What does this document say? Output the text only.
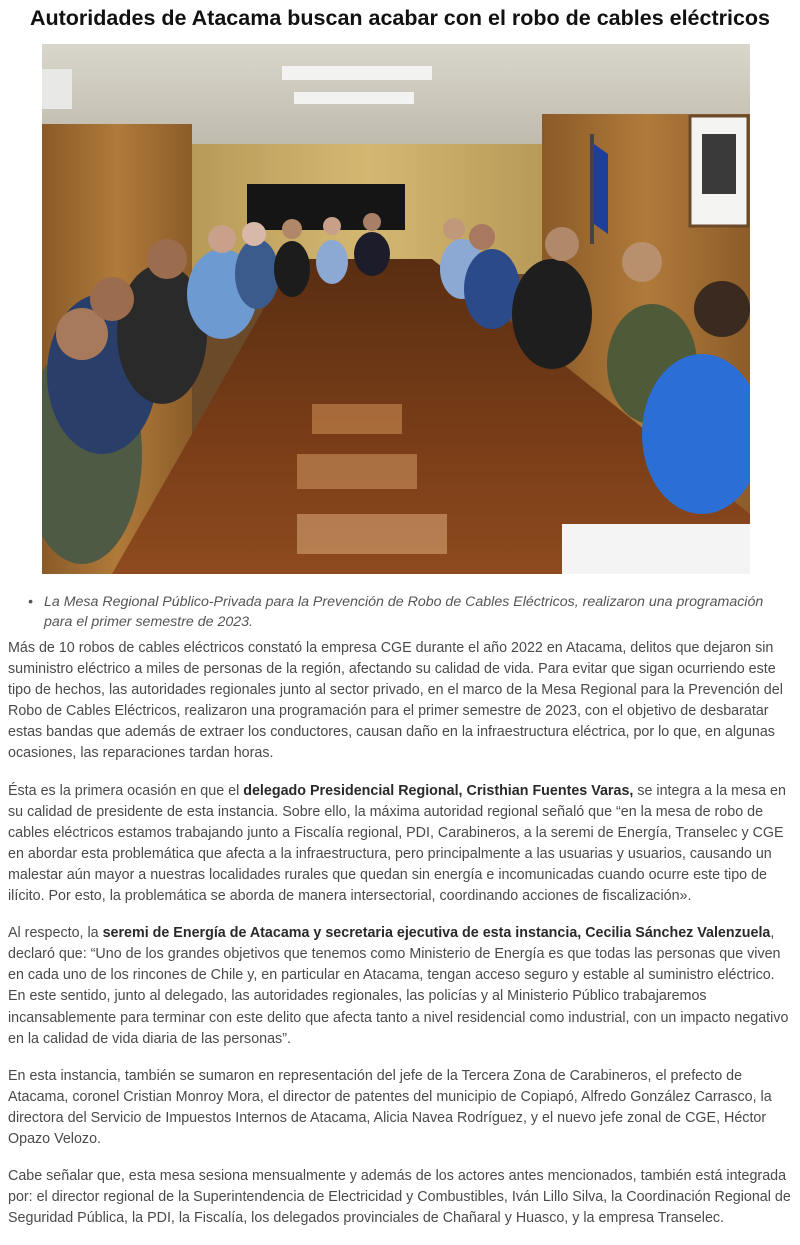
Autoridades de Atacama buscan acabar con el robo de cables eléctricos
• La Mesa Regional Público-Privada para la Prevención de Robo de Cables Eléctricos, realizaron una programación para el primer semestre de 2023.

Más de 10 robos de cables eléctricos constató la empresa CGE durante el año 2022 en Atacama, delitos que dejaron sin suministro eléctrico a miles de personas de la región, afectando su calidad de vida. Para evitar que sigan ocurriendo este tipo de hechos, las autoridades regionales junto al sector privado, en el marco de la Mesa Regional para la Prevención del Robo de Cables Eléctricos, realizaron una programación para el primer semestre de 2023, con el objetivo de desbaratar estas bandas que además de extraer los conductores, causan daño en la infraestructura eléctrica, por lo que, en algunas ocasiones, las reparaciones tardan horas.

Ésta es la primera ocasión en que el delegado Presidencial Regional, Cristhian Fuentes Varas, se integra a la mesa en su calidad de presidente de esta instancia. Sobre ello, la máxima autoridad regional señaló que “en la mesa de robo de cables eléctricos estamos trabajando junto a Fiscalía regional, PDI, Carabineros, a la seremi de Energía, Transelec y CGE en abordar esta problemática que afecta a la infraestructura, pero principalmente a las usuarias y usuarios, causando un malestar aún mayor a nuestras localidades rurales que quedan sin energía e incomunicadas cuando ocurre este tipo de ilícito. Por esto, la problemática se aborda de manera intersectorial, coordinando acciones de fiscalización».

Al respecto, la seremi de Energía de Atacama y secretaria ejecutiva de esta instancia, Cecilia Sánchez Valenzuela, declaró que: “Uno de los grandes objetivos que tenemos como Ministerio de Energía es que todas las personas que viven en cada uno de los rincones de Chile y, en particular en Atacama, tengan acceso seguro y estable al suministro eléctrico. En este sentido, junto al delegado, las autoridades regionales, las policías y al Ministerio Público trabajaremos incansablemente para terminar con este delito que afecta tanto a nivel residencial como industrial, con un impacto negativo en la calidad de vida diaria de las personas”.

En esta instancia, también se sumaron en representación del jefe de la Tercera Zona de Carabineros, el prefecto de Atacama, coronel Cristian Monroy Mora, el director de patentes del municipio de Copiapó, Alfredo González Carrasco, la directora del Servicio de Impuestos Internos de Atacama, Alicia Navea Rodríguez, y el nuevo jefe zonal de CGE, Héctor Opazo Velozo.

Cabe señalar que, esta mesa sesiona mensualmente y además de los actores antes mencionados, también está integrada por: el director regional de la Superintendencia de Electricidad y Combustibles, Iván Lillo Silva, la Coordinación Regional de Seguridad Pública, la PDI, la Fiscalía, los delegados provinciales de Chañaral y Huasco, y la empresa Transelec.
